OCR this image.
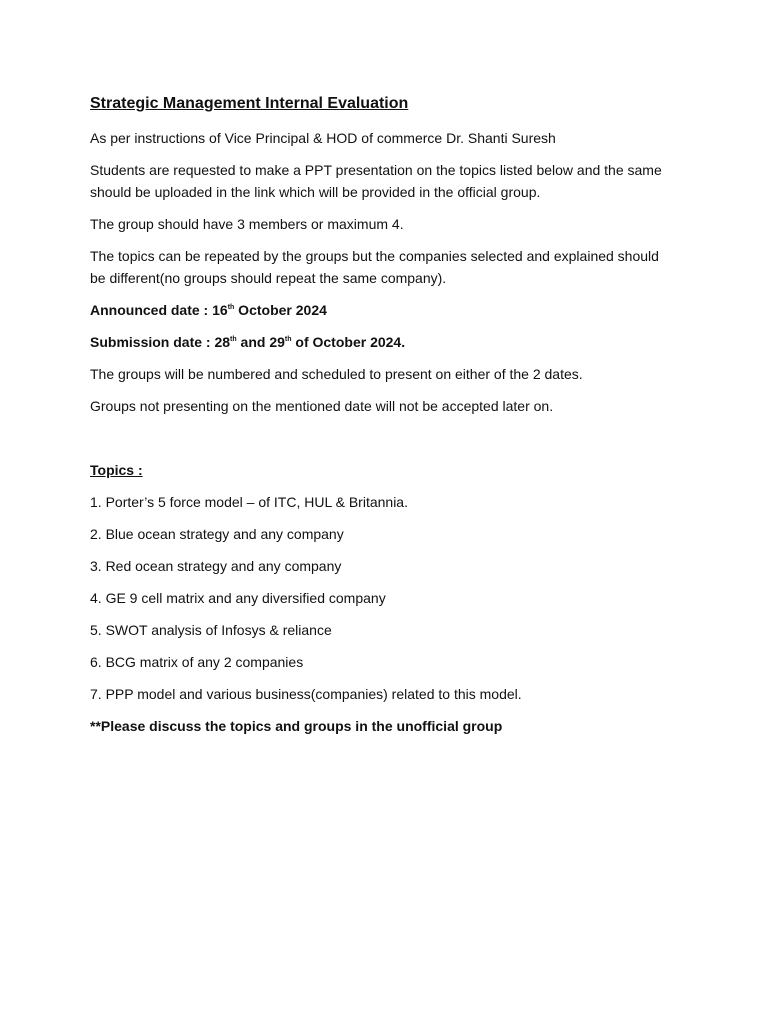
Strategic Management Internal Evaluation

As per instructions of Vice Principal & HOD of commerce Dr. Shanti Suresh

Students are requested to make a PPT presentation on the topics listed below and the same should be uploaded in the link which will be provided in the official group.

The group should have 3 members or maximum 4.

The topics can be repeated by the groups but the companies selected and explained should be different(no groups should repeat the same company).

Announced date : 16th October 2024

Submission date : 28th and 29th of October 2024.

The groups will be numbered and scheduled to present on either of the 2 dates.

Groups not presenting on the mentioned date will not be accepted later on.

Topics :

1. Porter’s 5 force model – of ITC, HUL & Britannia.

2. Blue ocean strategy and any company

3. Red ocean strategy and any company

4. GE 9 cell matrix and any diversified company

5. SWOT analysis of Infosys & reliance

6. BCG matrix of any 2 companies

7. PPP model and various business(companies) related to this model.

**Please discuss the topics and groups in the unofficial group
